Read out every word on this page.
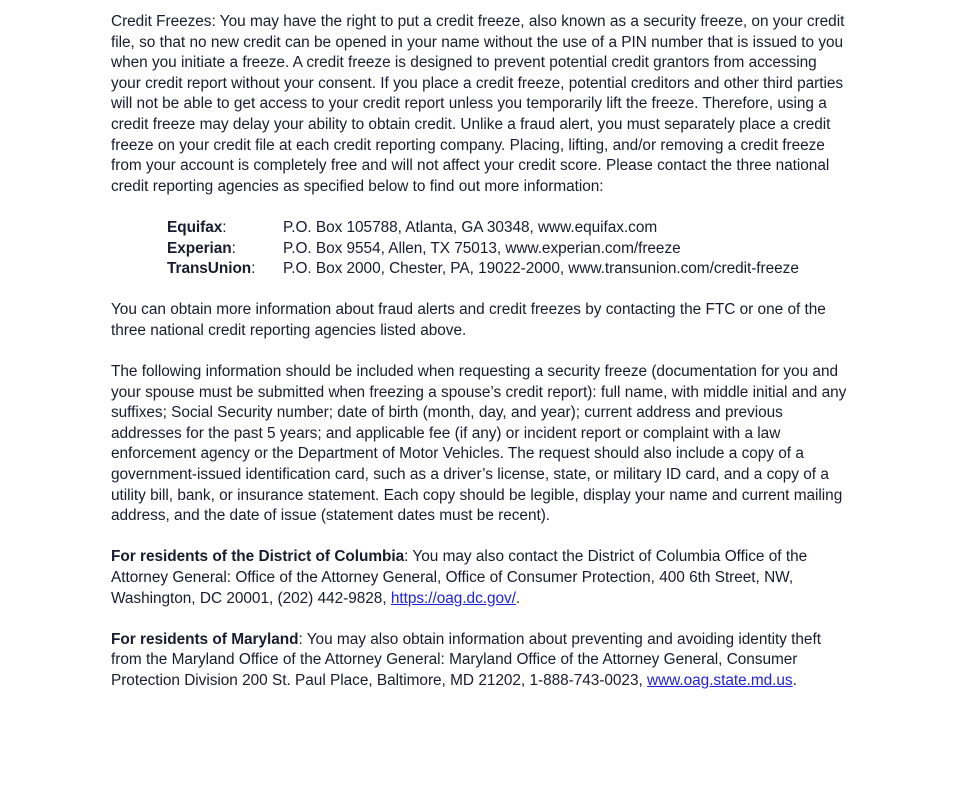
Credit Freezes: You may have the right to put a credit freeze, also known as a security freeze, on your credit file, so that no new credit can be opened in your name without the use of a PIN number that is issued to you when you initiate a freeze. A credit freeze is designed to prevent potential credit grantors from accessing your credit report without your consent. If you place a credit freeze, potential creditors and other third parties will not be able to get access to your credit report unless you temporarily lift the freeze. Therefore, using a credit freeze may delay your ability to obtain credit. Unlike a fraud alert, you must separately place a credit freeze on your credit file at each credit reporting company. Placing, lifting, and/or removing a credit freeze from your account is completely free and will not affect your credit score. Please contact the three national credit reporting agencies as specified below to find out more information:

Equifax:	P.O. Box 105788, Atlanta, GA 30348, www.equifax.com
Experian:	P.O. Box 9554, Allen, TX 75013, www.experian.com/freeze
TransUnion:	P.O. Box 2000, Chester, PA, 19022-2000, www.transunion.com/credit-freeze

You can obtain more information about fraud alerts and credit freezes by contacting the FTC or one of the three national credit reporting agencies listed above.

The following information should be included when requesting a security freeze (documentation for you and your spouse must be submitted when freezing a spouse’s credit report): full name, with middle initial and any suffixes; Social Security number; date of birth (month, day, and year); current address and previous addresses for the past 5 years; and applicable fee (if any) or incident report or complaint with a law enforcement agency or the Department of Motor Vehicles. The request should also include a copy of a government-issued identification card, such as a driver’s license, state, or military ID card, and a copy of a utility bill, bank, or insurance statement. Each copy should be legible, display your name and current mailing address, and the date of issue (statement dates must be recent).

For residents of the District of Columbia: You may also contact the District of Columbia Office of the Attorney General: Office of the Attorney General, Office of Consumer Protection, 400 6th Street, NW, Washington, DC 20001, (202) 442-9828, https://oag.dc.gov/.

For residents of Maryland: You may also obtain information about preventing and avoiding identity theft from the Maryland Office of the Attorney General: Maryland Office of the Attorney General, Consumer Protection Division 200 St. Paul Place, Baltimore, MD 21202, 1-888-743-0023, www.oag.state.md.us.
